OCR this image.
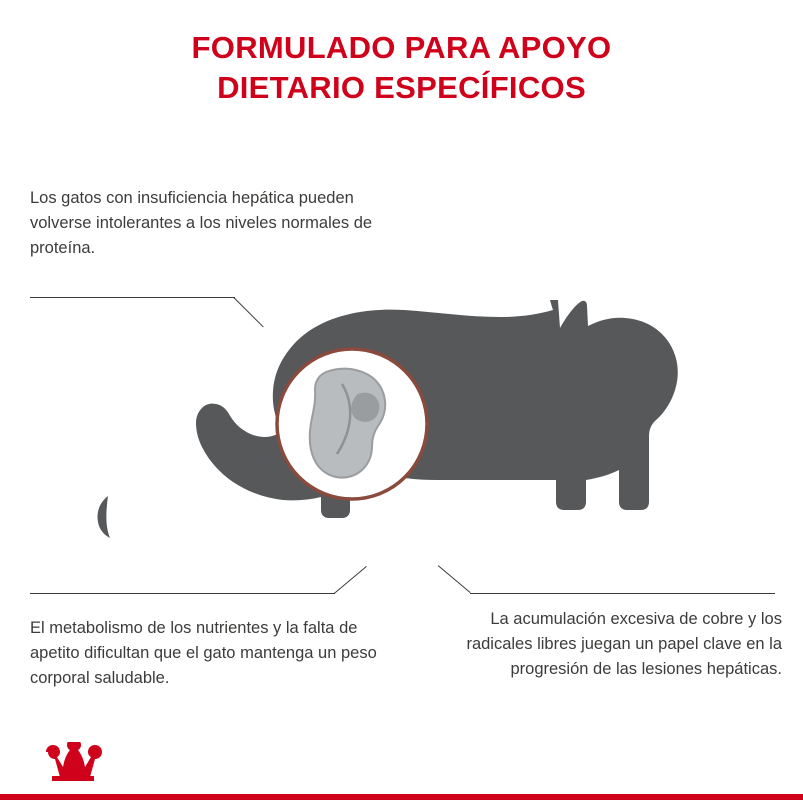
FORMULADO PARA APOYO
DIETARIO ESPECÍFICOS
Los gatos con insuficiencia hepática pueden volverse intolerantes a los niveles normales de proteína.
El metabolismo de los nutrientes y la falta de apetito dificultan que el gato mantenga un peso corporal saludable.
La acumulación excesiva de cobre y los radicales libres juegan un papel clave en la progresión de las lesiones hepáticas.
